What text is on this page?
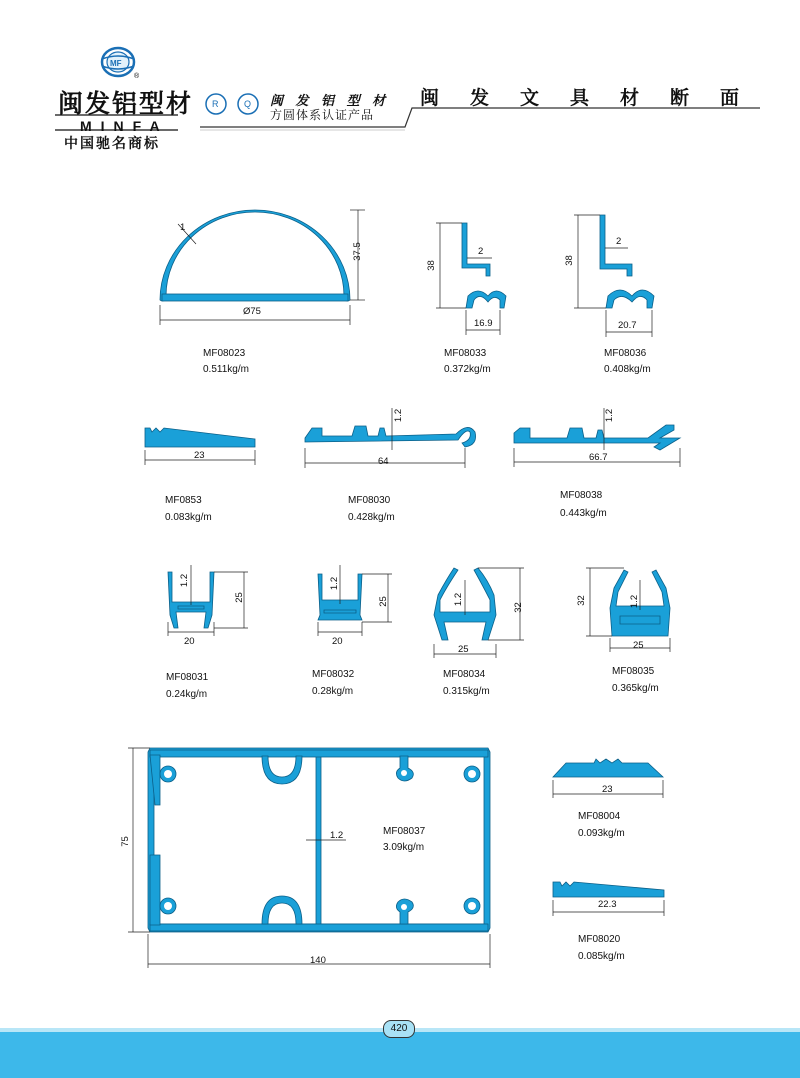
MF
®
R	Q
闽发铝型材
MINFA
中国驰名商标
闽 发 铝 型 材
方圆体系认证产品
闽发文具材断面
1
37.5
Ø75
38
2
16.9
38
2
20.7
23
1.2
64
1.2
66.7
1.2
25
20
1.2
25
20
1.2
32
25
32	1.2
25
75
1.2
140
23
22.3
MF08023
0.511kg/m
MF08033
0.372kg/m
MF08036
0.408kg/m
MF0853
0.083kg/m
MF08030
0.428kg/m
MF08038
0.443kg/m
MF08031
0.24kg/m
MF08032
0.28kg/m
MF08034
0.315kg/m
MF08035
0.365kg/m
MF08037
3.09kg/m
MF08004
0.093kg/m
MF08020
0.085kg/m
420
